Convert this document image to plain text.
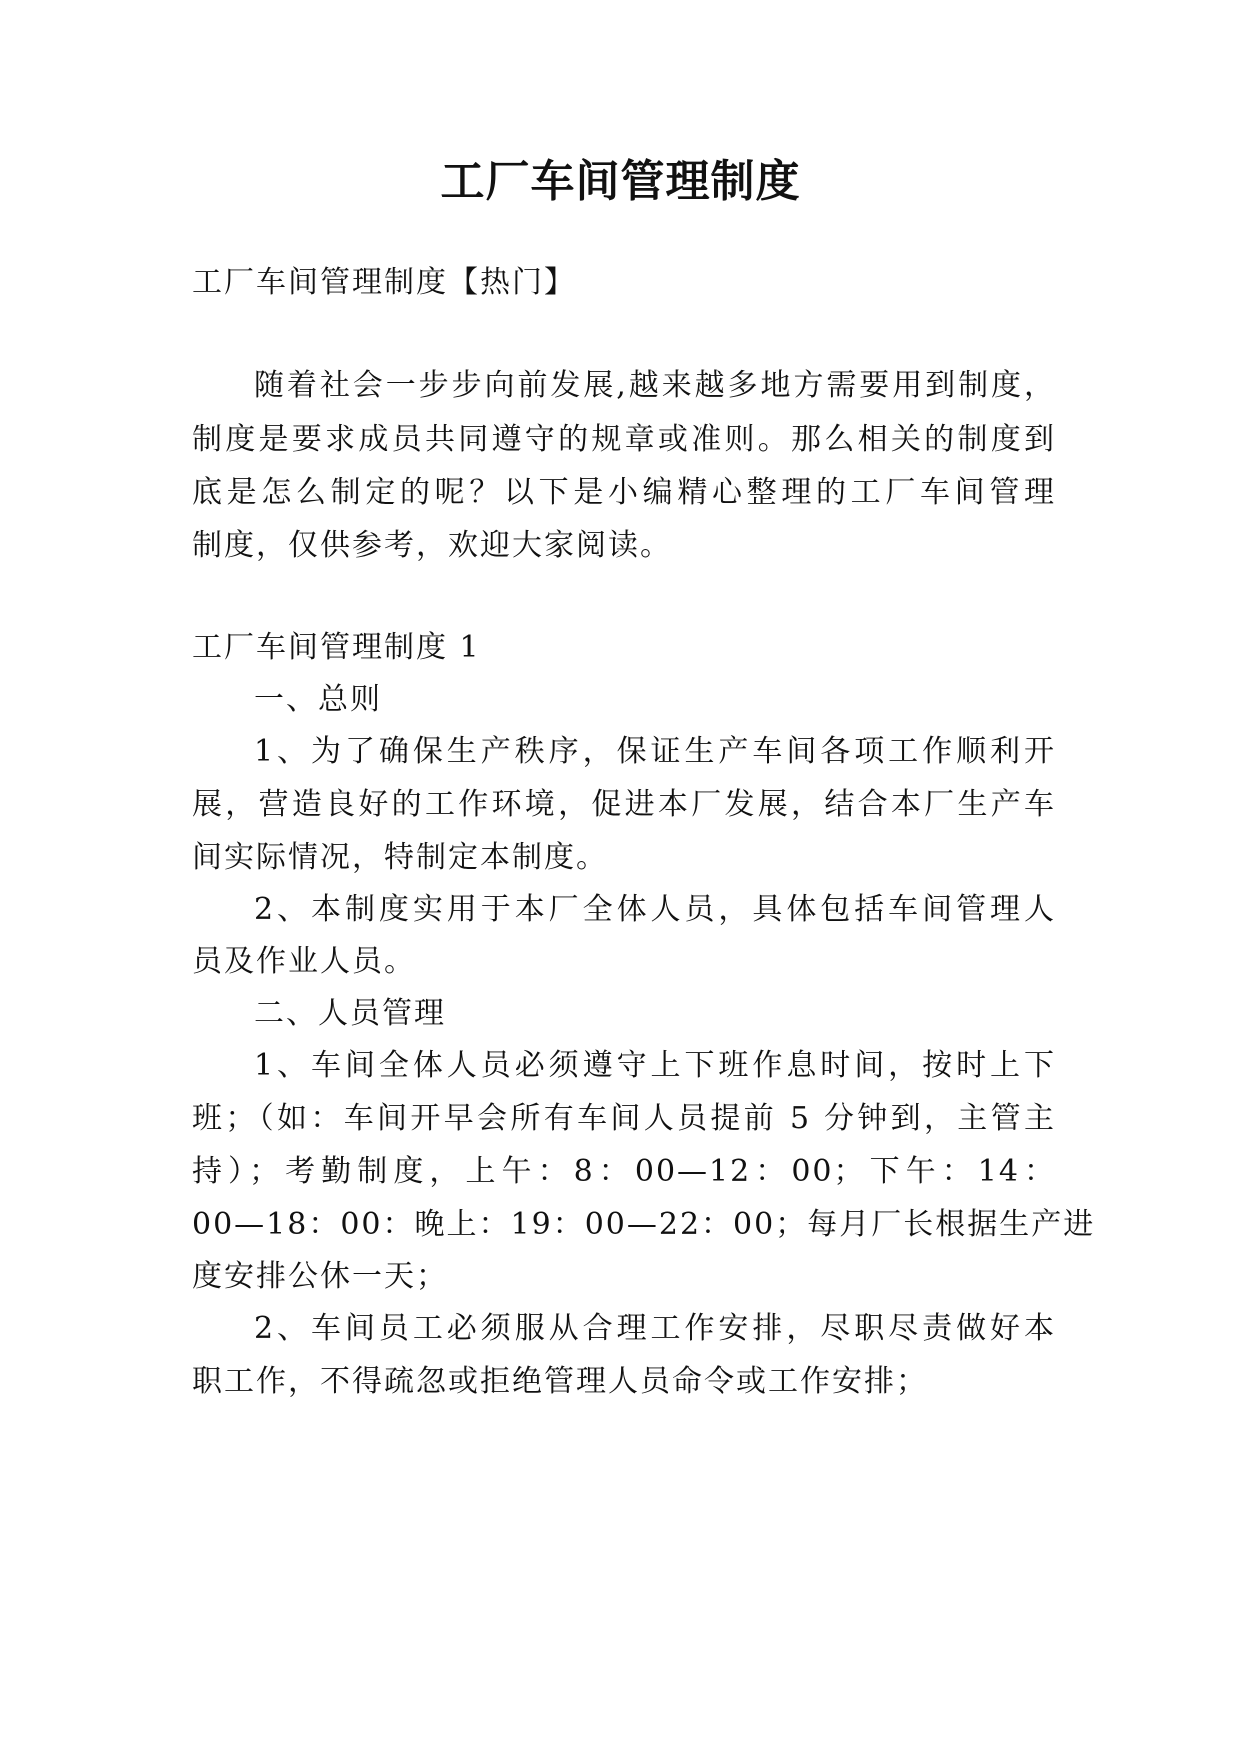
工厂车间管理制度
工厂车间管理制度【热门】
随着社会一步步向前发展,越来越多地方需要用到制度，
制度是要求成员共同遵守的规章或准则。那么相关的制度到
底是怎么制定的呢？以下是小编精心整理的工厂车间管理
制度，仅供参考，欢迎大家阅读。
工厂车间管理制度 1
一、总则
1、为了确保生产秩序，保证生产车间各项工作顺利开
展，营造良好的工作环境，促进本厂发展，结合本厂生产车
间实际情况，特制定本制度。
2、本制度实用于本厂全体人员，具体包括车间管理人
员及作业人员。
二、人员管理
1、车间全体人员必须遵守上下班作息时间，按时上下
班；（如：车间开早会所有车间人员提前 5 分钟到，主管主
持）；考勤制度，上午：8：00—12：00；下午：14：
00—18：00：晚上：19：00—22：00；每月厂长根据生产进
度安排公休一天；
2、车间员工必须服从合理工作安排，尽职尽责做好本
职工作，不得疏忽或拒绝管理人员命令或工作安排；
